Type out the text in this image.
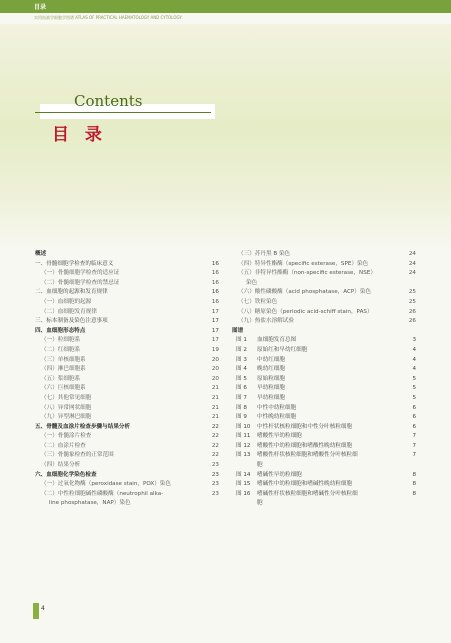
目录
实用血液学细胞学图谱 ATLAS OF PRACTICAL HAEMATOLOGY AND CYTOLOGY
Contents
目 录
概述
一、骨髓细胞学检查的临床意义	16
（一）骨髓细胞学检查的适应证	16
（二）骨髓细胞学检查的禁忌证	16
二、血细胞的起源和发育规律	16
（一）血细胞的起源	16
（二）血细胞发育规律	17
三、标本制备及染色注意事项	17
四、血细胞形态特点	17
（一）粒细胞系	17
（二）红细胞系	19
（三）单核细胞系	20
（四）淋巴细胞系	20
（五）浆细胞系	20
（六）巨核细胞系	21
（七）其他常见细胞	21
（八）异常网状细胞	21
（九）异型淋巴细胞	21
五、骨髓及血涂片检查步骤与结果分析	22
（一）骨髓涂片检查	22
（二）血涂片检查	22
（三）骨髓象检查的正常范围	22
（四）结果分析	23
六、血细胞化学染色检查	23
（一）过氧化物酶（peroxidase stain，POX）染色	23
（二）中性粒细胞碱性磷酸酶（neutrophil alka-	23
line phosphatase，NAP）染色
（三）苏丹黑 B 染色	24
（四）特异性酯酶（specific esterase，SPE）染色	24
（五）非特异性酯酶（non-specific esterase，NSE）	24
染色
（六）酸性磷酸酶（acid phosphatase，ACP）染色	25
（七）铁粒染色	25
（八）糖原染色（periodic acid-schiff stain，PAS）	26
（九）热盐水溶解试验	26
图谱
图 1 血细胞发育总图	3
图 2 原始红和早幼红细胞	4
图 3 中幼红细胞	4
图 4 晚幼红细胞	4
图 5 原始粒细胞	5
图 6 早幼粒细胞	5
图 7 早幼粒细胞	5
图 8 中性中幼粒细胞	6
图 9 中性晚幼粒细胞	6
图 10 中性杆状核粒细胞和中性分叶核粒细胞	6
图 11 嗜酸性早幼粒细胞	7
图 12 嗜酸性中幼粒细胞和嗜酸性晚幼粒细胞	7
图 13 嗜酸性杆状核粒细胞和嗜酸性分叶核粒细	7
胞
图 14 嗜碱性早幼粒细胞	8
图 15 嗜碱性中幼粒细胞和嗜碱性晚幼粒细胞	8
图 16 嗜碱性杆状核粒细胞和嗜碱性分叶核粒细	8
胞
4
